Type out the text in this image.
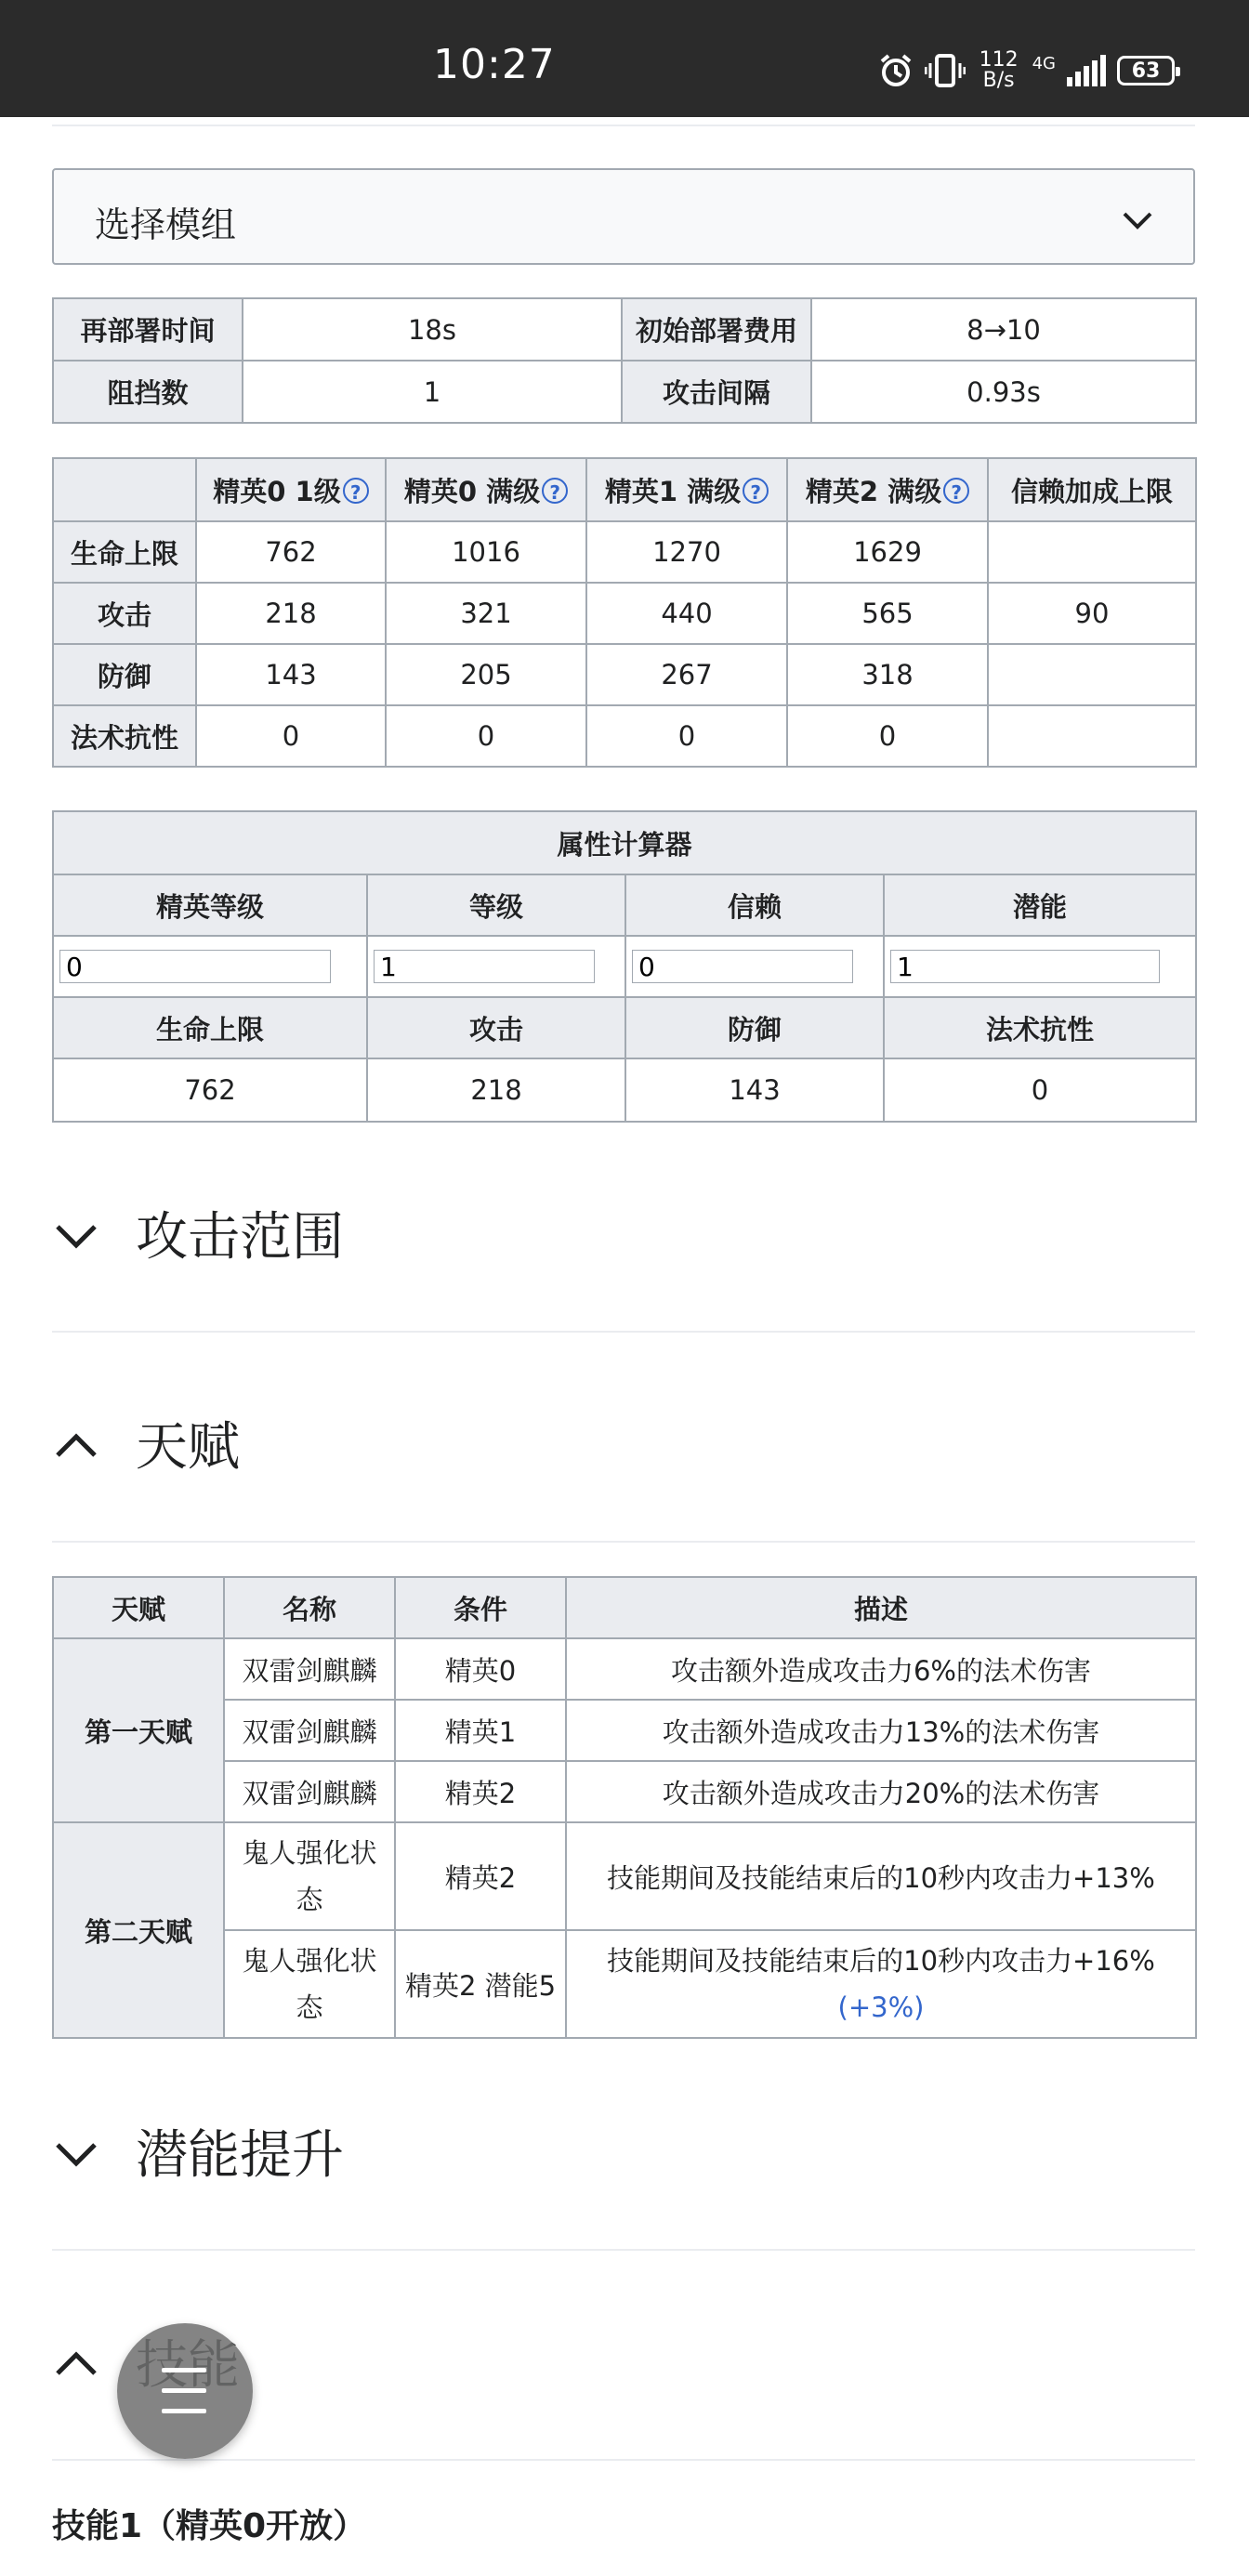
10:27	112
B/s
4G	63
选择模组
再部署时间	18s	初始部署费用	8→10
阻挡数	1	攻击间隔	0.93s
	精英0 1级 ?	精英0 满级 ?	精英1 满级 ?	精英2 满级 ?	信赖加成上限
生命上限	762	1016	1270	1629	
攻击	218	321	440	565	90
防御	143	205	267	318	
法术抗性	0	0	0	0	
属性计算器			
精英等级	等级	信赖	潜能
0	1	0	1
生命上限	攻击	防御	法术抗性
762	218	143	0
攻击范围
天赋
天赋	名称	条件	描述
第一天赋	双雷剑麒麟	精英0	攻击额外造成攻击力6%的法术伤害
	双雷剑麒麟	精英1	攻击额外造成攻击力13%的法术伤害
	双雷剑麒麟	精英2	攻击额外造成攻击力20%的法术伤害
第二天赋	鬼人强化状态	精英2	技能期间及技能结束后的10秒内攻击力+13%
	鬼人强化状态	精英2 潜能5	技能期间及技能结束后的10秒内攻击力+16%
(+3%)
潜能提升
技能1（精英0开放）
